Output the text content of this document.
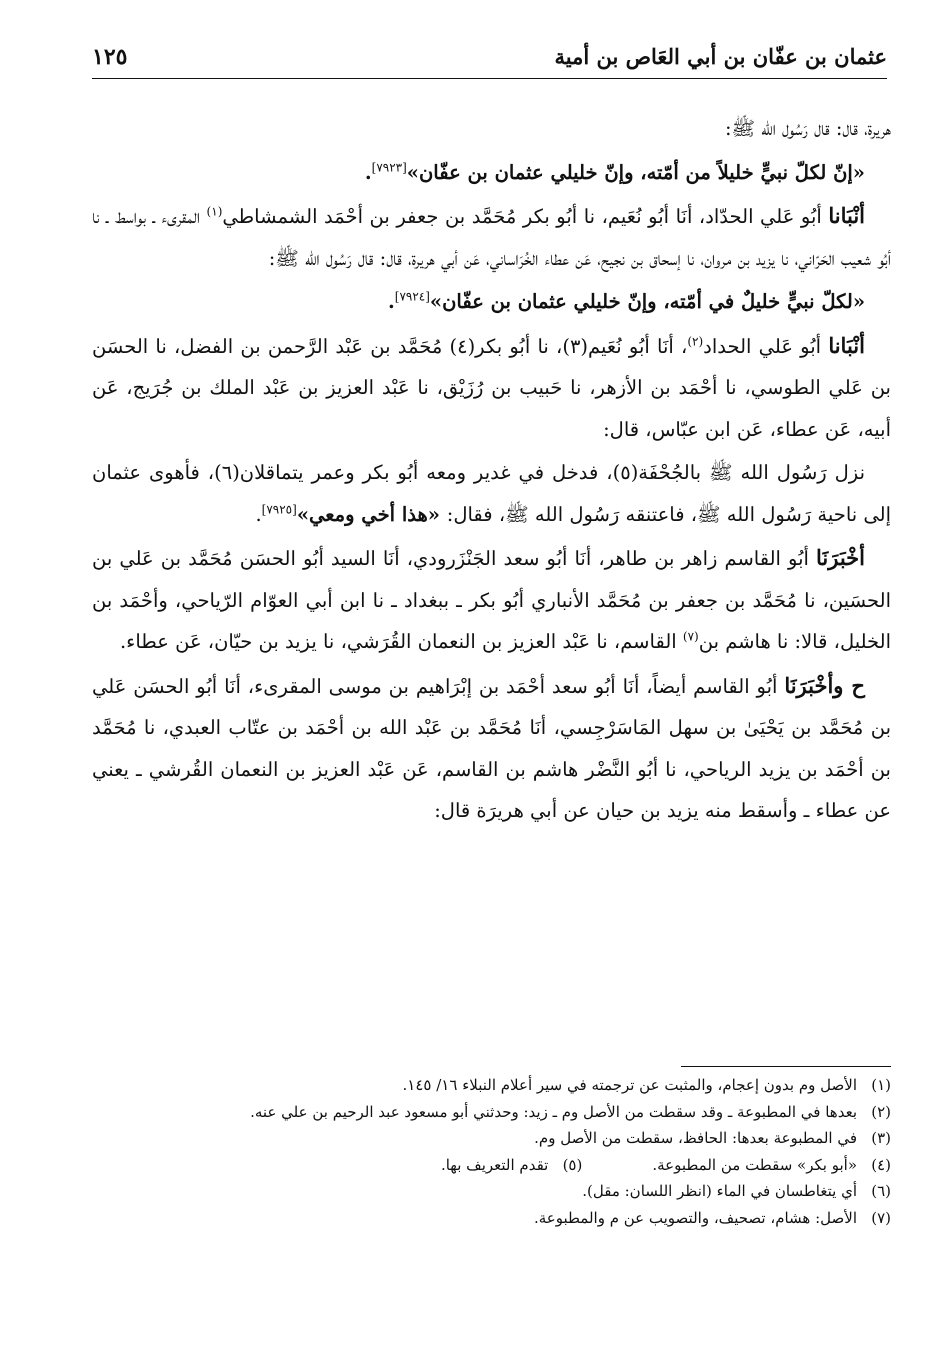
عثمان بن عفّان بن أبي العَاص بن أمية
١٢٥

هريرة، قال: قال رَسُول الله ﷺ:

«إنّ لكلّ نبيٍّ خليلاً من أمّته، وإنّ خليلي عثمان بن عفّان»[٧٩٢٣].

أنْبَانا أبُو عَلي الحدّاد، أنَا أبُو نُعَيم، نا أبُو بكر مُحَمَّد بن جعفر بن أحْمَد الشمشاطي$^{(١)}$ المقرىء ـ بواسط ـ نا أبُو شعيب الحَرّاني، نا يزيد بن مروان، نا إسحاق بن نجيح، عَن عطاء الخُرَاساني، عَن أبي هريرة، قال: قال رَسُول الله ﷺ:

«لكلّ نبيٍّ خليلٌ في أمّته، وإنّ خليلي عثمان بن عفّان»[٧٩٢٤].

أنْبَانا أبُو عَلي الحداد$^{(٢)}$، أنَا أبُو نُعَيم(٣)، نا أبُو بكر(٤) مُحَمَّد بن عَبْد الرَّحمن بن الفضل، نا الحسَن بن عَلي الطوسي، نا أحْمَد بن الأزهر، نا حَبيب بن رُزَيْق، نا عَبْد العزيز بن عَبْد الملك بن جُرَيج، عَن أبيه، عَن عطاء، عَن ابن عبّاس، قال:

نزل رَسُول الله ﷺ بالجُحْفَة(٥)، فدخل في غدير ومعه أبُو بكر وعمر يتماقلان(٦)، فأهوى عثمان إلى ناحية رَسُول الله ﷺ، فاعتنقه رَسُول الله ﷺ، فقال: «هذا أخي ومعي»[٧٩٢٥].

أخْبَرَنَا أبُو القاسم زاهر بن طاهر، أنَا أبُو سعد الجَنْزَرودي، أنَا السيد أبُو الحسَن مُحَمَّد بن عَلي بن الحسَين، نا مُحَمَّد بن جعفر بن مُحَمَّد الأنباري أبُو بكر ـ ببغداد ـ نا ابن أبي العوّام الرّياحي، وأحْمَد بن الخليل، قالا: نا هاشم بن$^{(٧)}$ القاسم، نا عَبْد العزيز بن النعمان القُرَشي، نا يزيد بن حيّان، عَن عطاء.

ح وأخْبَرَنَا أبُو القاسم أيضاً، أنَا أبُو سعد أحْمَد بن إبْرَاهيم بن موسى المقرىء، أنَا أبُو الحسَن عَلي بن مُحَمَّد بن يَحْيَىٰ بن سهل المَاسَرْجِسي، أنَا مُحَمَّد بن عَبْد الله بن أحْمَد بن عتّاب العبدي، نا مُحَمَّد بن أحْمَد بن يزيد الرياحي، نا أبُو النَّضْر هاشم بن القاسم، عَن عَبْد العزيز بن النعمان القُرشي ـ يعني عن عطاء ـ وأسقط منه يزيد بن حيان عن أبي هريرَة قال:

(١)الأصل وم بدون إعجام، والمثبت عن ترجمته في سير أعلام النبلاء ١٦/ ١٤٥.
(٢)بعدها في المطبوعة ـ وقد سقطت من الأصل وم ـ زيد: وحدثني أبو مسعود عبد الرحيم بن علي عنه.
(٣)في المطبوعة بعدها: الحافظ، سقطت من الأصل وم.
(٤)«أبو بكر» سقطت من المطبوعة.(٥)تقدم التعريف بها.
(٦)أي يتغاطسان في الماء (انظر اللسان: مقل).
(٧)الأصل: هشام، تصحيف، والتصويب عن م والمطبوعة.
